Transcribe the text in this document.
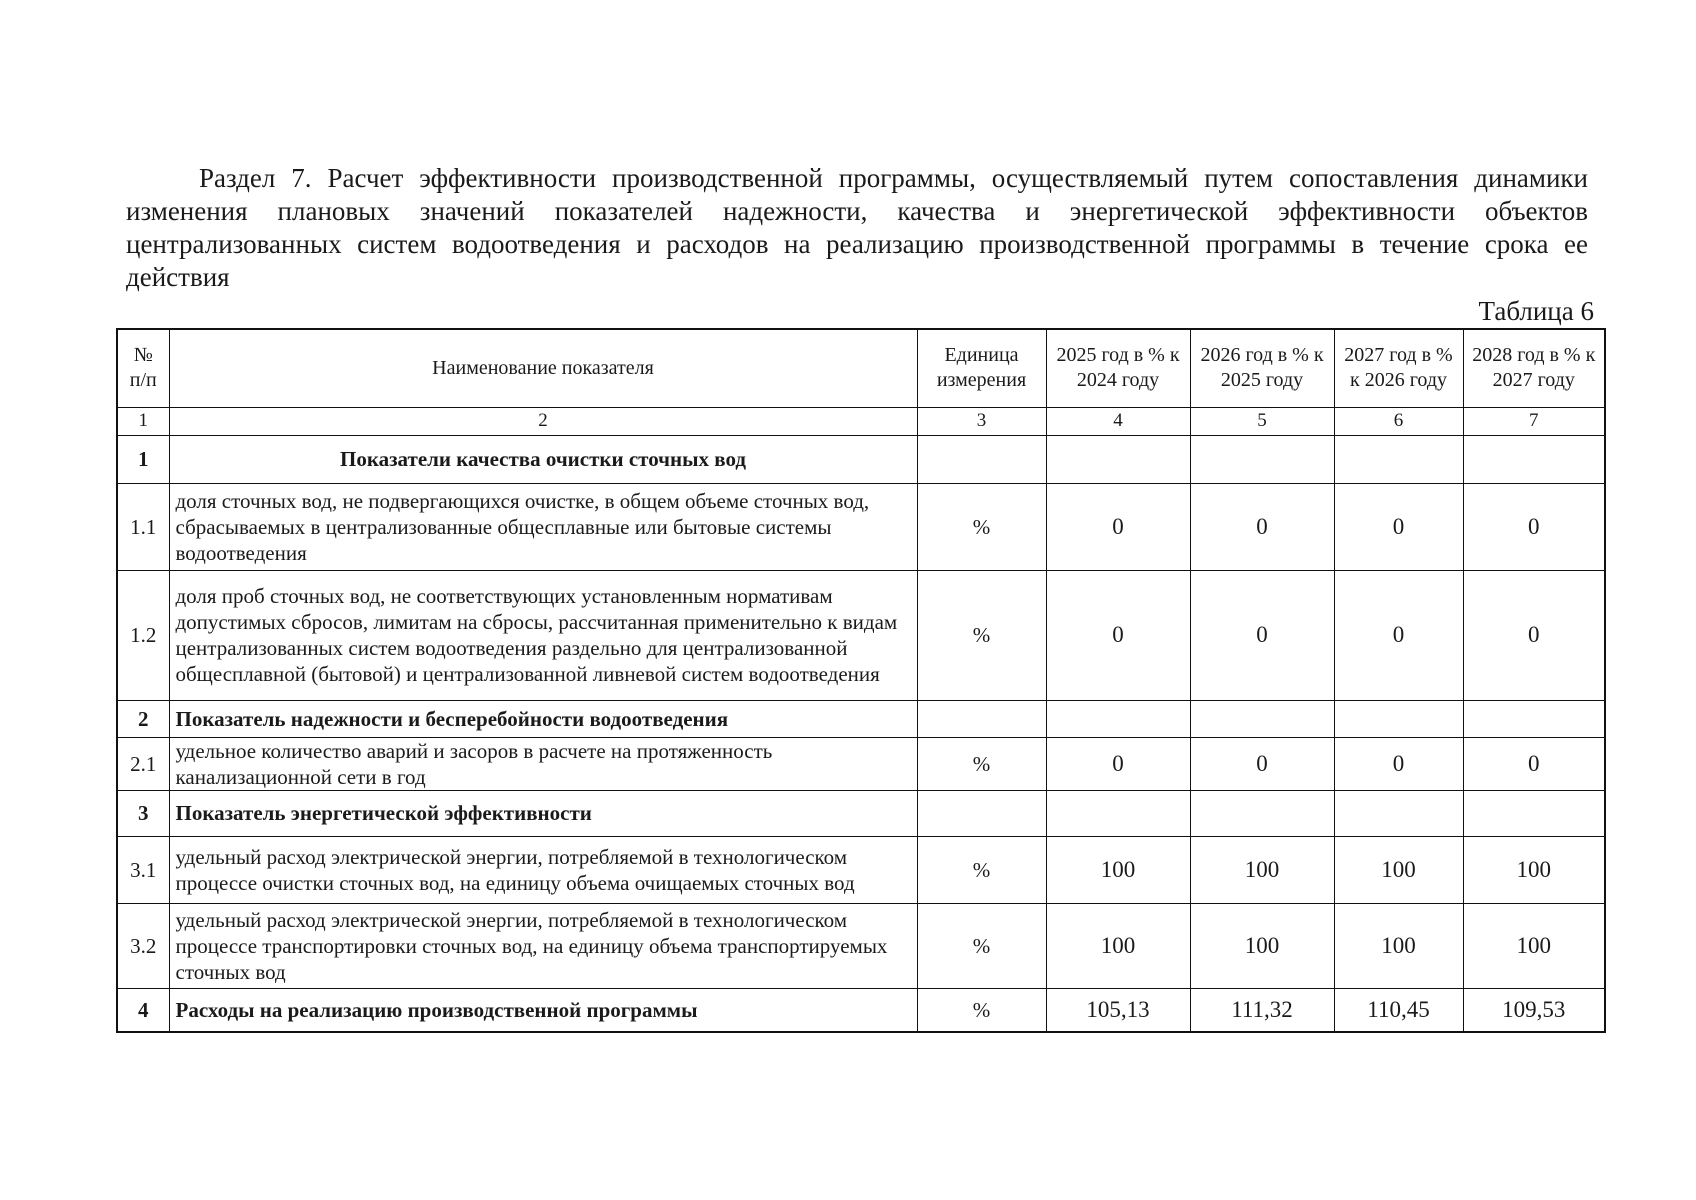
Раздел 7. Расчет эффективности производственной программы, осуществляемый путем сопоставления динамики изменения плановых значений показателей надежности, качества и энергетической эффективности объектов централизованных систем водоотведения и расходов на реализацию производственной программы в течение срока ее действия
Таблица 6
№ п/п	Наименование показателя	Единица измерения	2025 год в % к 2024 году	2026 год в % к 2025 году	2027 год в % к 2026 году	2028 год в % к 2027 году
1	2	3	4	5	6	7
1	Показатели качества очистки сточных вод					
1.1	доля сточных вод, не подвергающихся очистке, в общем объеме сточных вод, сбрасываемых в централизованные общесплавные или бытовые системы водоотведения	%	0	0	0	0
1.2	доля проб сточных вод, не соответствующих установленным нормативам допустимых сбросов, лимитам на сбросы, рассчитанная применительно к видам централизованных систем водоотведения раздельно для централизованной общесплавной (бытовой) и централизованной ливневой систем водоотведения	%	0	0	0	0
2	Показатель надежности и бесперебойности водоотведения					
2.1	удельное количество аварий и засоров в расчете на протяженность канализационной сети в год	%	0	0	0	0
3	Показатель энергетической эффективности					
3.1	удельный расход электрической энергии, потребляемой в технологическом процессе очистки сточных вод, на единицу объема очищаемых сточных вод	%	100	100	100	100
3.2	удельный расход электрической энергии, потребляемой в технологическом процессе транспортировки сточных вод, на единицу объема транспортируемых сточных вод	%	100	100	100	100
4	Расходы на реализацию производственной программы	%	105,13	111,32	110,45	109,53
